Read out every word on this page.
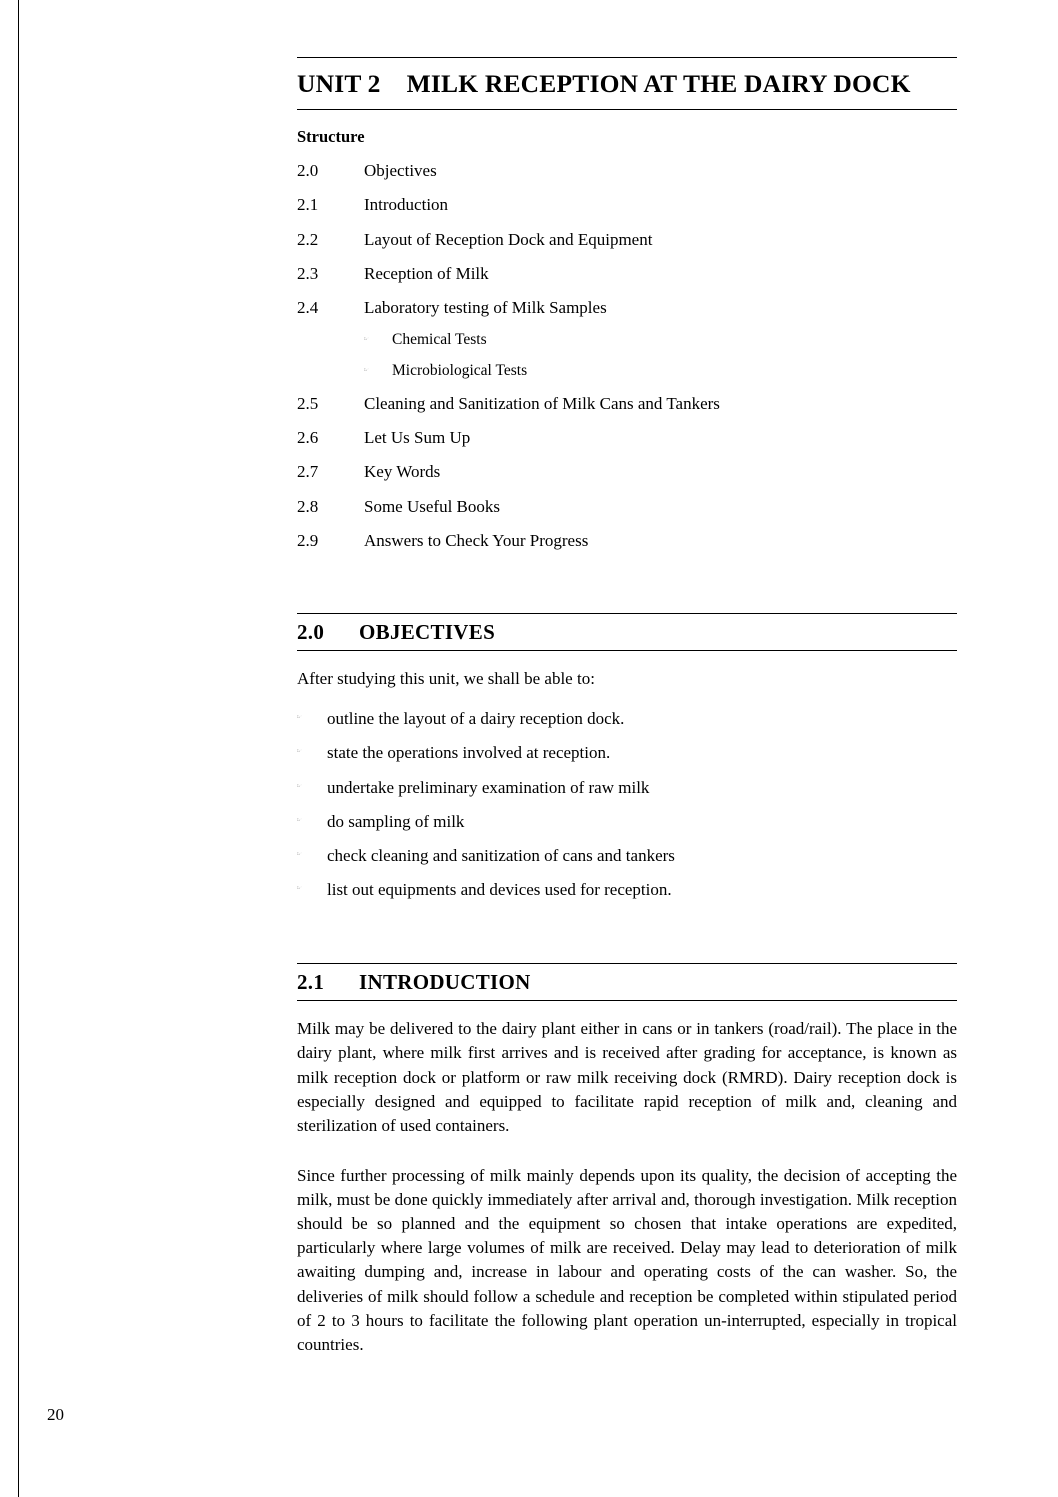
UNIT 2 MILK RECEPTION AT THE DAIRY DOCK
Structure
2.0	Objectives
2.1	Introduction
2.2	Layout of Reception Dock and Equipment
2.3	Reception of Milk
2.4	Laboratory testing of Milk Samples
☞	Chemical Tests
☞	Microbiological Tests
2.5	Cleaning and Sanitization of Milk Cans and Tankers
2.6	Let Us Sum Up
2.7	Key Words
2.8	Some Useful Books
2.9	Answers to Check Your Progress
2.0 OBJECTIVES

After studying this unit, we shall be able to:

☞	outline the layout of a dairy reception dock.
☞	state the operations involved at reception.
☞	undertake preliminary examination of raw milk
☞	do sampling of milk
☞	check cleaning and sanitization of cans and tankers
☞	list out equipments and devices used for reception.
2.1 INTRODUCTION

Milk may be delivered to the dairy plant either in cans or in tankers (road/rail). The place in the dairy plant, where milk first arrives and is received after grading for acceptance, is known as milk reception dock or platform or raw milk receiving dock (RMRD). Dairy reception dock is especially designed and equipped to facilitate rapid reception of milk and, cleaning and sterilization of used containers.

Since further processing of milk mainly depends upon its quality, the decision of accepting the milk, must be done quickly immediately after arrival and, thorough investigation. Milk reception should be so planned and the equipment so chosen that intake operations are expedited, particularly where large volumes of milk are received. Delay may lead to deterioration of milk awaiting dumping and, increase in labour and operating costs of the can washer. So, the deliveries of milk should follow a schedule and reception be completed within stipulated period of 2 to 3 hours to facilitate the following plant operation un-interrupted, especially in tropical countries.

20
